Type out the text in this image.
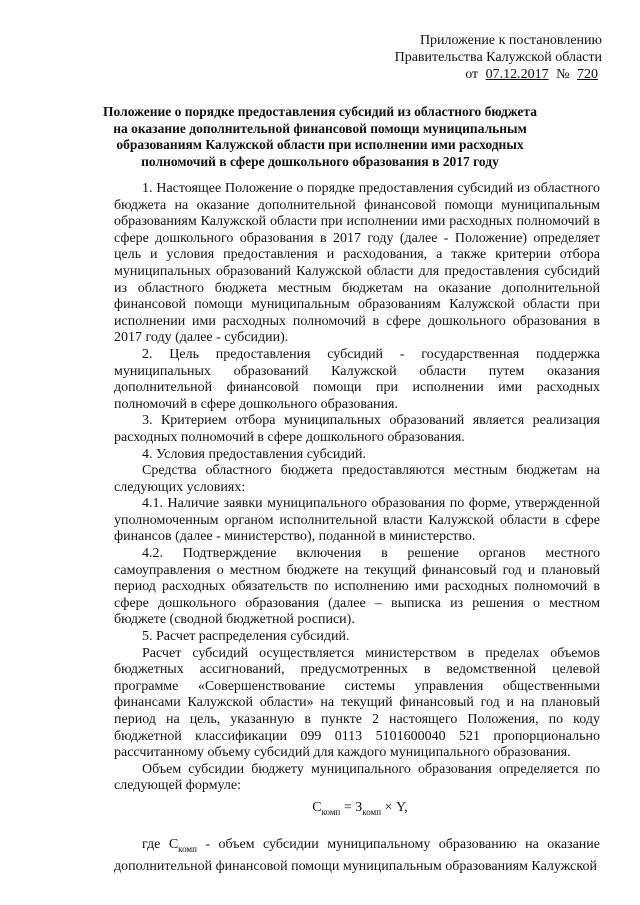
Приложение к постановлению
Правительства Калужской области
от 07.12.2017 № 720
Положение о порядке предоставления субсидий из областного бюджета на оказание дополнительной финансовой помощи муниципальным образованиям Калужской области при исполнении ими расходных полномочий в сфере дошкольного образования в 2017 году

1. Настоящее Положение о порядке предоставления субсидий из областного бюджета на оказание дополнительной финансовой помощи муниципальным образованиям Калужской области при исполнении ими расходных полномочий в сфере дошкольного образования в 2017 году (далее - Положение) определяет цель и условия предоставления и расходования, а также критерии отбора муниципальных образований Калужской области для предоставления субсидий из областного бюджета местным бюджетам на оказание дополнительной финансовой помощи муниципальным образованиям Калужской области при исполнении ими расходных полномочий в сфере дошкольного образования в 2017 году (далее - субсидии).

2. Цель предоставления субсидий - государственная поддержка муниципальных образований Калужской области путем оказания дополнительной финансовой помощи при исполнении ими расходных полномочий в сфере дошкольного образования.

3. Критерием отбора муниципальных образований является реализация расходных полномочий в сфере дошкольного образования.

4. Условия предоставления субсидий.

Средства областного бюджета предоставляются местным бюджетам на следующих условиях:

4.1. Наличие заявки муниципального образования по форме, утвержденной уполномоченным органом исполнительной власти Калужской области в сфере финансов (далее - министерство), поданной в министерство.

4.2. Подтверждение включения в решение органов местного самоуправления о местном бюджете на текущий финансовый год и плановый период расходных обязательств по исполнению ими расходных полномочий в сфере дошкольного образования (далее – выписка из решения о местном бюджете (сводной бюджетной росписи).

5. Расчет распределения субсидий.

Расчет субсидий осуществляется министерством в пределах объемов бюджетных ассигнований, предусмотренных в ведомственной целевой программе «Совершенствование системы управления общественными финансами Калужской области» на текущий финансовый год и на плановый период на цель, указанную в пункте 2 настоящего Положения, по коду бюджетной классификации 099 0113 5101600040 521 пропорционально рассчитанному объему субсидий для каждого муниципального образования.

Объем субсидии бюджету муниципального образования определяется по следующей формуле:

$С_{комп} = З_{комп} \times Y$,

где $С_{комп}$ - объем субсидии муниципальному образованию на оказание дополнительной финансовой помощи муниципальным образованиям Калужской
